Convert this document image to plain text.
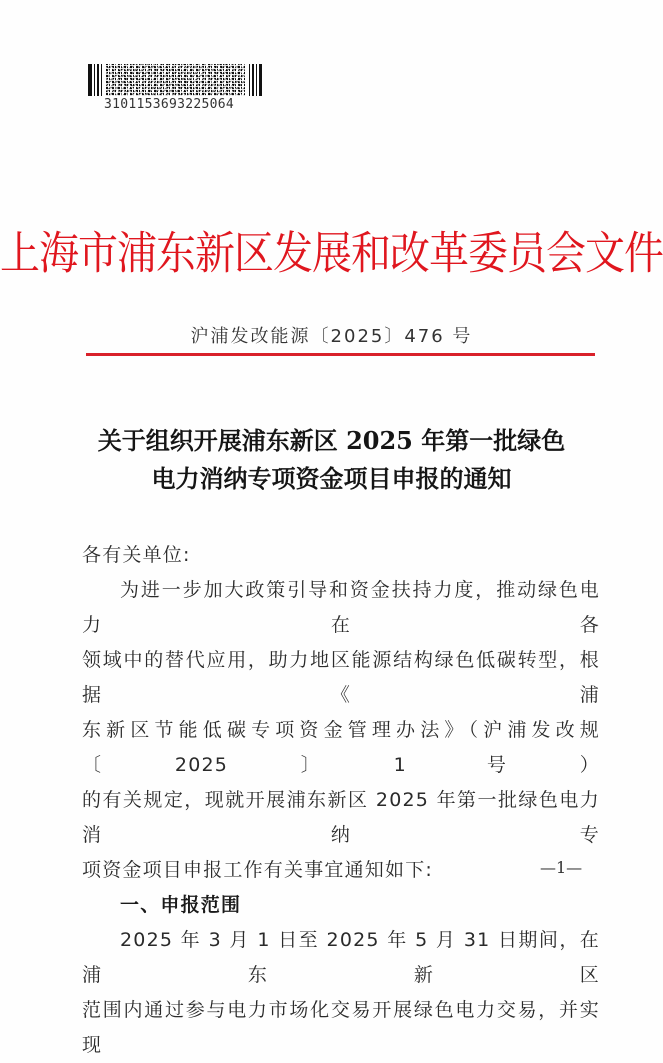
3101153693225064
上海市浦东新区发展和改革委员会文件
沪浦发改能源〔2025〕476 号
关于组织开展浦东新区 2025 年第一批绿色
电力消纳专项资金项目申报的通知

各有关单位:

为进一步加大政策引导和资金扶持力度，推动绿色电力在各

领域中的替代应用，助力地区能源结构绿色低碳转型，根据《浦

东新区节能低碳专项资金管理办法》（沪浦发改规〔2025〕1 号）

的有关规定，现就开展浦东新区 2025 年第一批绿色电力消纳专

项资金项目申报工作有关事宜通知如下:

一、申报范围

2025 年 3 月 1 日至 2025 年 5 月 31 日期间，在浦东新区

范围内通过参与电力市场化交易开展绿色电力交易，并实现

—1—
